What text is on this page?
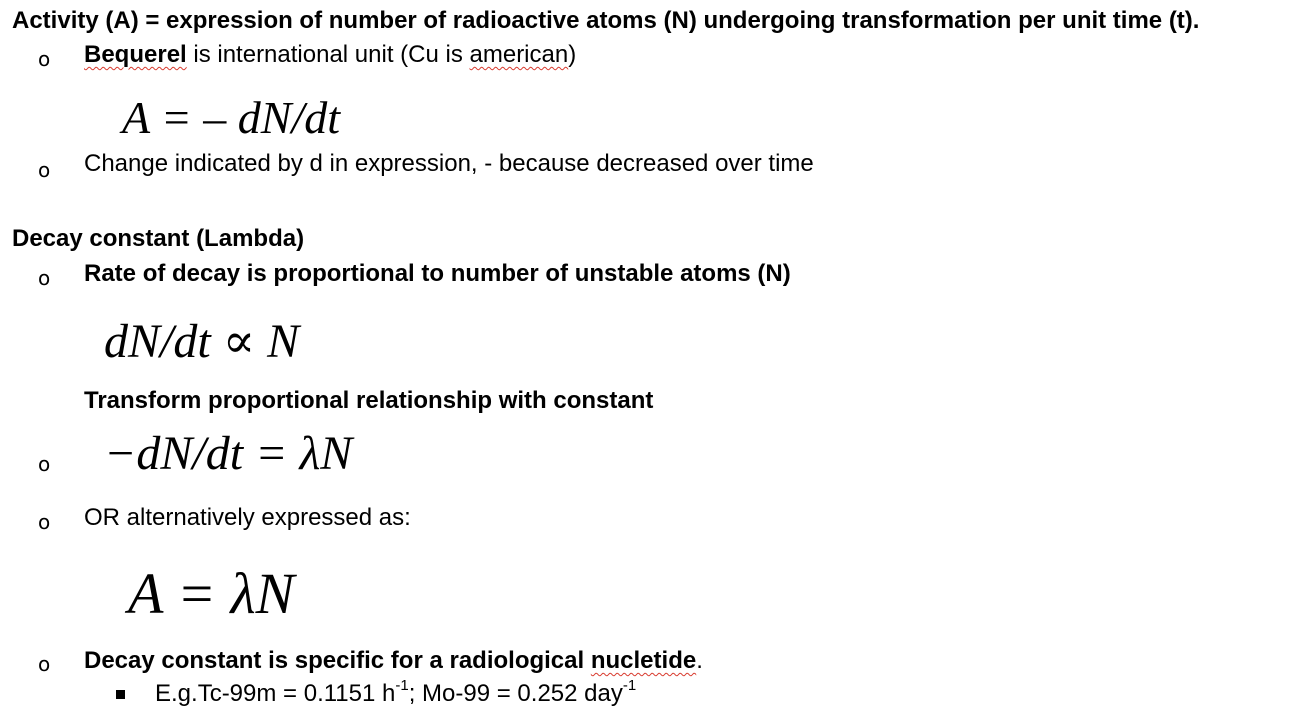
Activity (A) = expression of number of radioactive atoms (N) undergoing transformation per unit time (t).
o Bequerel is international unit (Cu is american)
A = – dN/dt
o Change indicated by d in expression, - because decreased over time
Decay constant (Lambda)
o Rate of decay is proportional to number of unstable atoms (N)
dN/dt ∝ N
Transform proportional relationship with constant
o −dN/dt = λN
o OR alternatively expressed as:
A = λN
o Decay constant is specific for a radiological nucletide.
E.g.Tc-99m = 0.1151 $h^{-1}$; Mo-99 = 0.252 day$^{-1}$
